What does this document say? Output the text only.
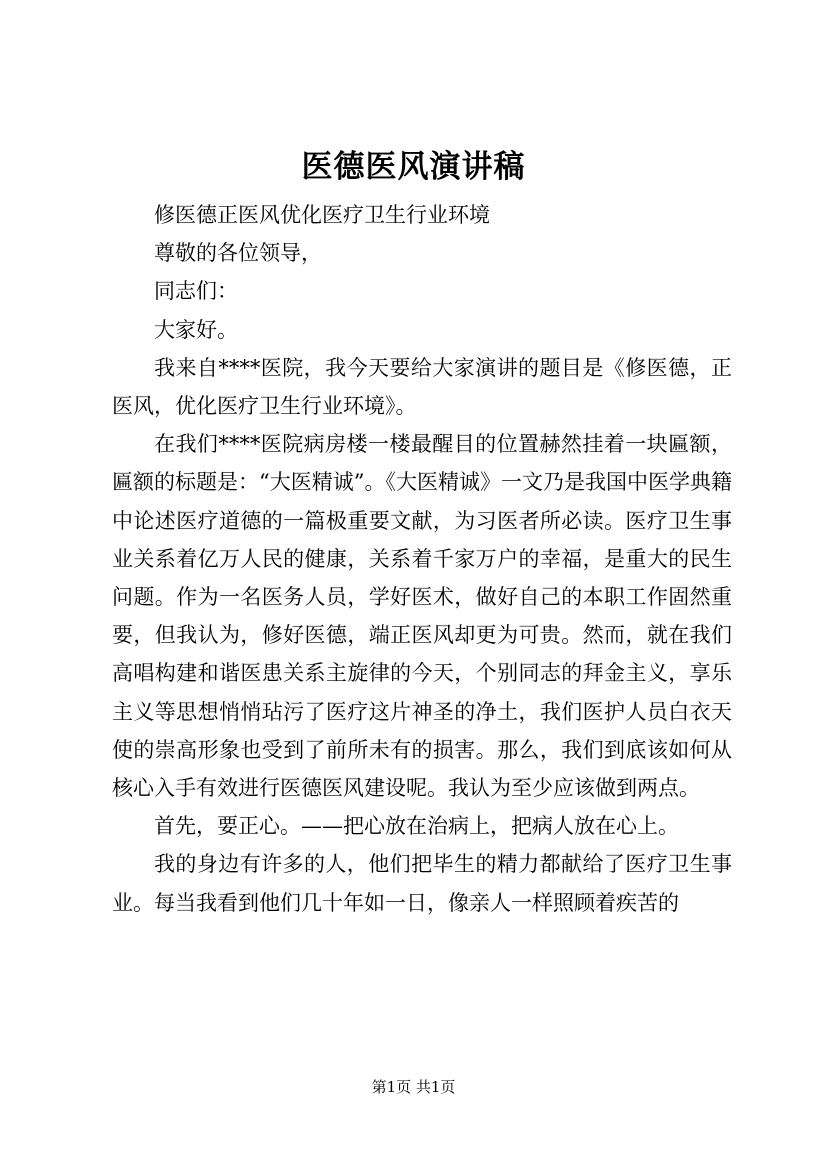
医德医风演讲稿

修医德正医风优化医疗卫生行业环境

尊敬的各位领导，

同志们：

大家好。

我来自****医院，我今天要给大家演讲的题目是《修医德，正医风，优化医疗卫生行业环境》。

在我们****医院病房楼一楼最醒目的位置赫然挂着一块匾额，匾额的标题是：“大医精诚”。《大医精诚》一文乃是我国中医学典籍中论述医疗道德的一篇极重要文献，为习医者所必读。医疗卫生事业关系着亿万人民的健康，关系着千家万户的幸福，是重大的民生问题。作为一名医务人员，学好医术，做好自己的本职工作固然重要，但我认为，修好医德，端正医风却更为可贵。然而，就在我们高唱构建和谐医患关系主旋律的今天，个别同志的拜金主义，享乐主义等思想悄悄玷污了医疗这片神圣的净土，我们医护人员白衣天使的崇高形象也受到了前所未有的损害。那么，我们到底该如何从核心入手有效进行医德医风建设呢。我认为至少应该做到两点。

首先，要正心。——把心放在治病上，把病人放在心上。

我的身边有许多的人，他们把毕生的精力都献给了医疗卫生事业。每当我看到他们几十年如一日，像亲人一样照顾着疾苦的

第1页 共1页
